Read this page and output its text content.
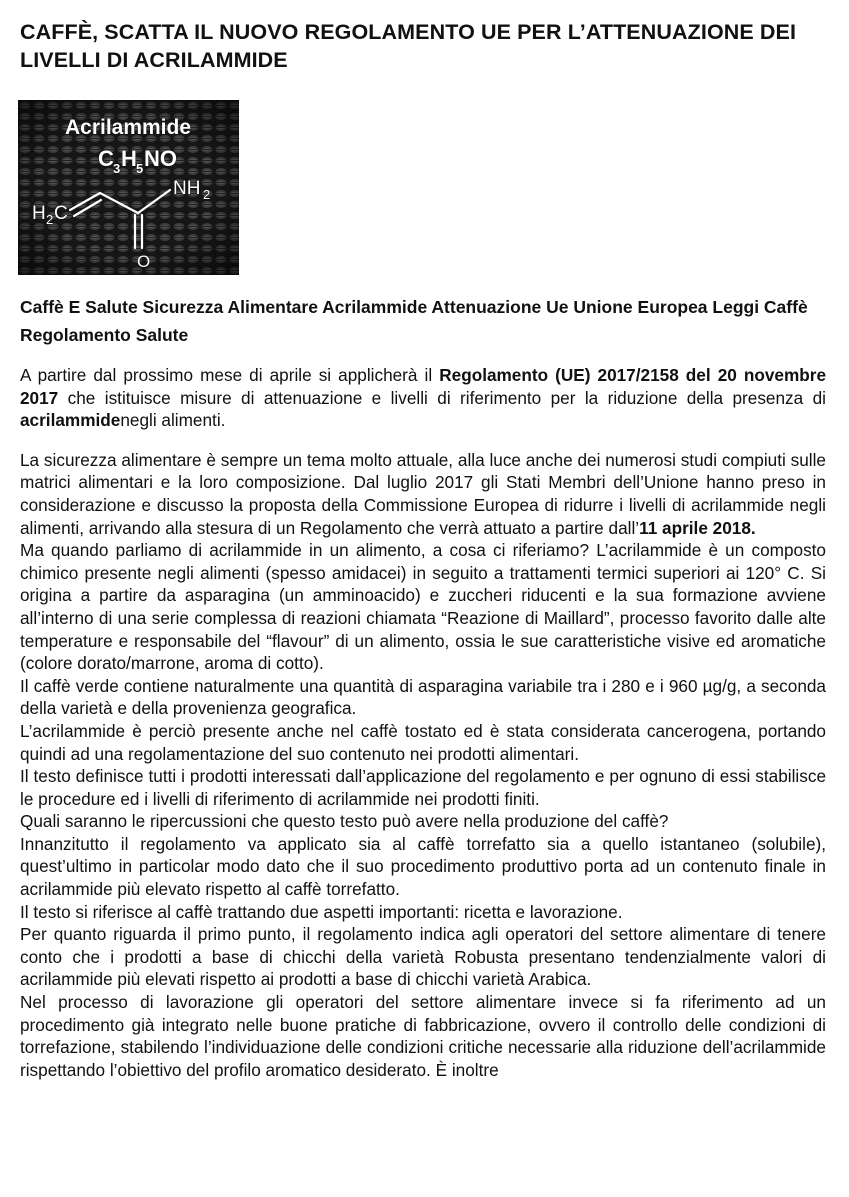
CAFFÈ, SCATTA IL NUOVO REGOLAMENTO UE PER L’ATTENUAZIONE DEI LIVELLI DI ACRILAMMIDE
Acrilammide
C 3 H 5 NO
NH 2
H 2 C
O

Caffè E Salute Sicurezza Alimentare Acrilammide Attenuazione Ue Unione Europea Leggi Caffè Regolamento Salute

A partire dal prossimo mese di aprile si applicherà il Regolamento (UE) 2017/2158 del 20 novembre 2017 che istituisce misure di attenuazione e livelli di riferimento per la riduzione della presenza di acrilammidenegli alimenti.

La sicurezza alimentare è sempre un tema molto attuale, alla luce anche dei numerosi studi compiuti sulle matrici alimentari e la loro composizione. Dal luglio 2017 gli Stati Membri dell’Unione hanno preso in considerazione e discusso la proposta della Commissione Europea di ridurre i livelli di acrilammide negli alimenti, arrivando alla stesura di un Regolamento che verrà attuato a partire dall’11 aprile 2018.

Ma quando parliamo di acrilammide in un alimento, a cosa ci riferiamo? L’acrilammide è un composto chimico presente negli alimenti (spesso amidacei) in seguito a trattamenti termici superiori ai 120° C. Si origina a partire da asparagina (un amminoacido) e zuccheri riducenti e la sua formazione avviene all’interno di una serie complessa di reazioni chiamata “Reazione di Maillard”, processo favorito dalle alte temperature e responsabile del “flavour” di un alimento, ossia le sue caratteristiche visive ed aromatiche (colore dorato/marrone, aroma di cotto).

Il caffè verde contiene naturalmente una quantità di asparagina variabile tra i 280 e i 960 µg/g, a seconda della varietà e della provenienza geografica.

L’acrilammide è perciò presente anche nel caffè tostato ed è stata considerata cancerogena, portando quindi ad una regolamentazione del suo contenuto nei prodotti alimentari.

Il testo definisce tutti i prodotti interessati dall’applicazione del regolamento e per ognuno di essi stabilisce le procedure ed i livelli di riferimento di acrilammide nei prodotti finiti.

Quali saranno le ripercussioni che questo testo può avere nella produzione del caffè?

Innanzitutto il regolamento va applicato sia al caffè torrefatto sia a quello istantaneo (solubile), quest’ultimo in particolar modo dato che il suo procedimento produttivo porta ad un contenuto finale in acrilammide più elevato rispetto al caffè torrefatto.

Il testo si riferisce al caffè trattando due aspetti importanti: ricetta e lavorazione.

Per quanto riguarda il primo punto, il regolamento indica agli operatori del settore alimentare di tenere conto che i prodotti a base di chicchi della varietà Robusta presentano tendenzialmente valori di acrilammide più elevati rispetto ai prodotti a base di chicchi varietà Arabica.

Nel processo di lavorazione gli operatori del settore alimentare invece si fa riferimento ad un procedimento già integrato nelle buone pratiche di fabbricazione, ovvero il controllo delle condizioni di torrefazione, stabilendo l’individuazione delle condizioni critiche necessarie alla riduzione dell’acrilammide rispettando l’obiettivo del profilo aromatico desiderato. È inoltre
